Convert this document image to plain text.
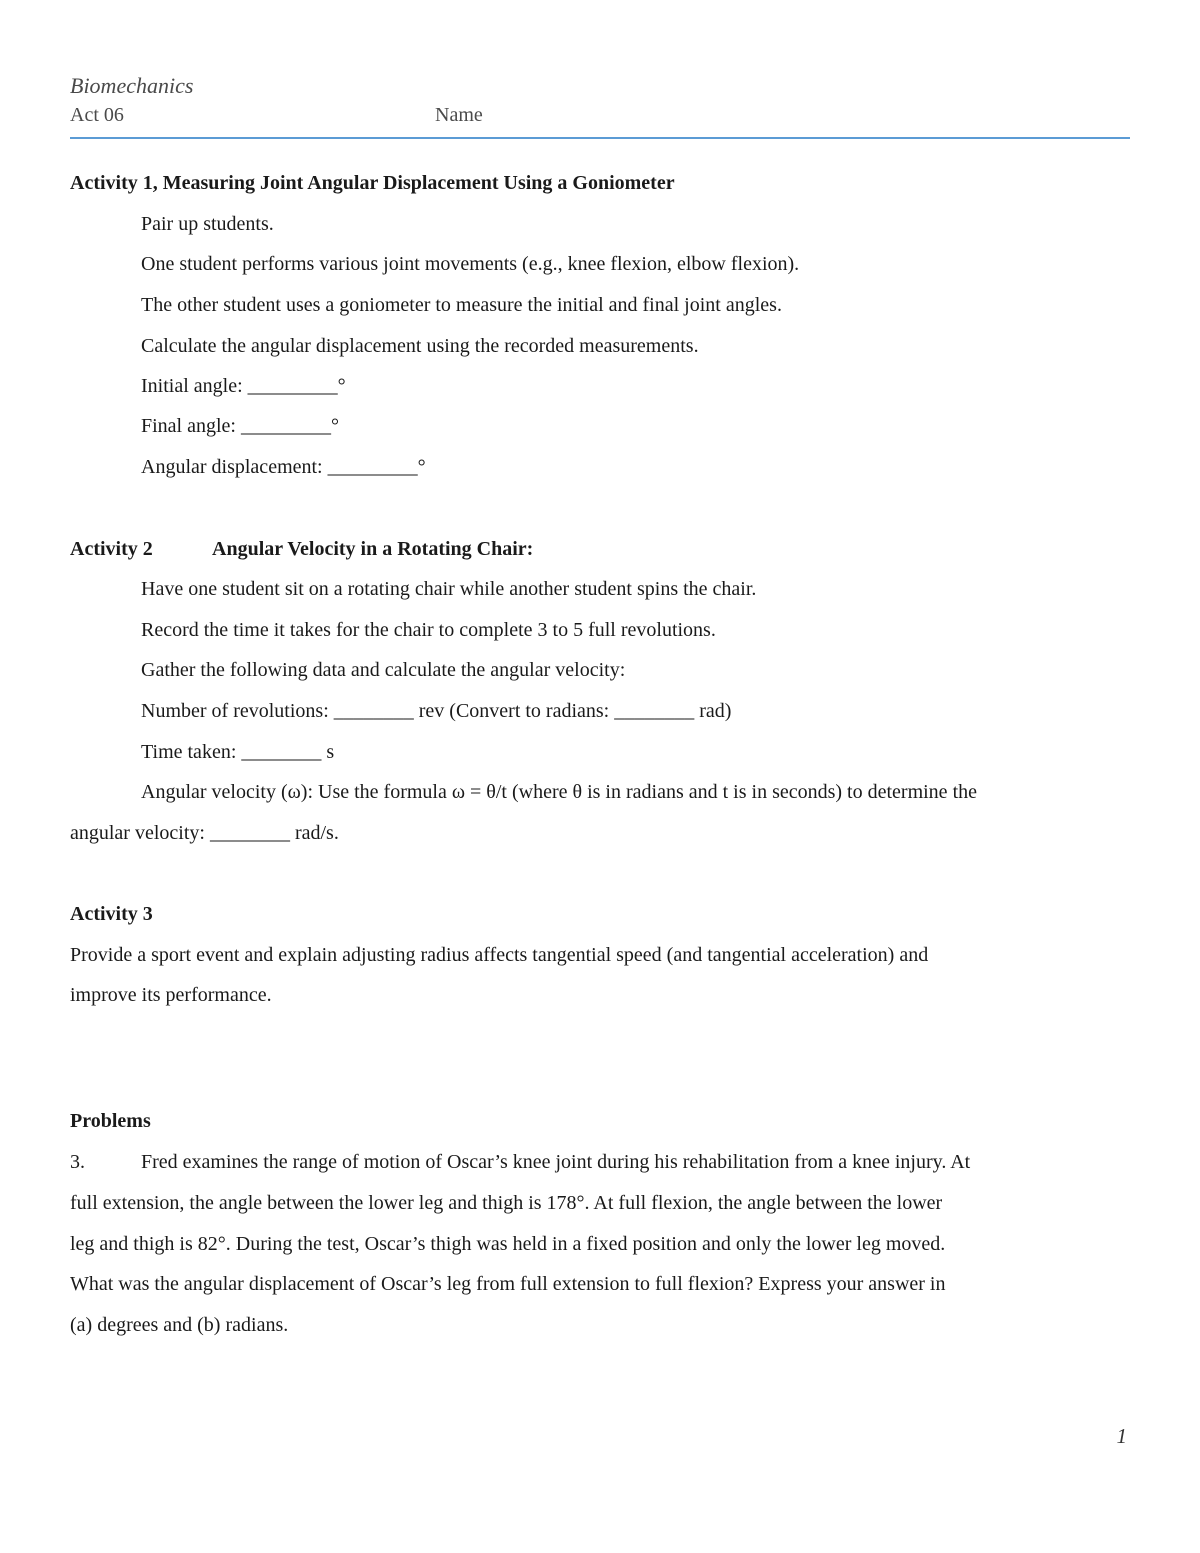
Biomechanics
Act 06	Name
Activity 1, Measuring Joint Angular Displacement Using a Goniometer
Pair up students.
One student performs various joint movements (e.g., knee flexion, elbow flexion).
The other student uses a goniometer to measure the initial and final joint angles.
Calculate the angular displacement using the recorded measurements.
Initial angle: _________°
Final angle: _________°
Angular displacement: _________°
Activity 2	Angular Velocity in a Rotating Chair:
Have one student sit on a rotating chair while another student spins the chair.
Record the time it takes for the chair to complete 3 to 5 full revolutions.
Gather the following data and calculate the angular velocity:
Number of revolutions: ________ rev (Convert to radians: ________ rad)
Time taken: ________ s
Angular velocity (ω): Use the formula ω = θ/t (where θ is in radians and t is in seconds) to determine the
angular velocity: ________ rad/s.
Activity 3
Provide a sport event and explain adjusting radius affects tangential speed (and tangential acceleration) and
improve its performance.
Problems
3.	Fred examines the range of motion of Oscar’s knee joint during his rehabilitation from a knee injury. At
full extension, the angle between the lower leg and thigh is 178°. At full flexion, the angle between the lower
leg and thigh is 82°. During the test, Oscar’s thigh was held in a fixed position and only the lower leg moved.
What was the angular displacement of Oscar’s leg from full extension to full flexion? Express your answer in
(a) degrees and (b) radians.
1
